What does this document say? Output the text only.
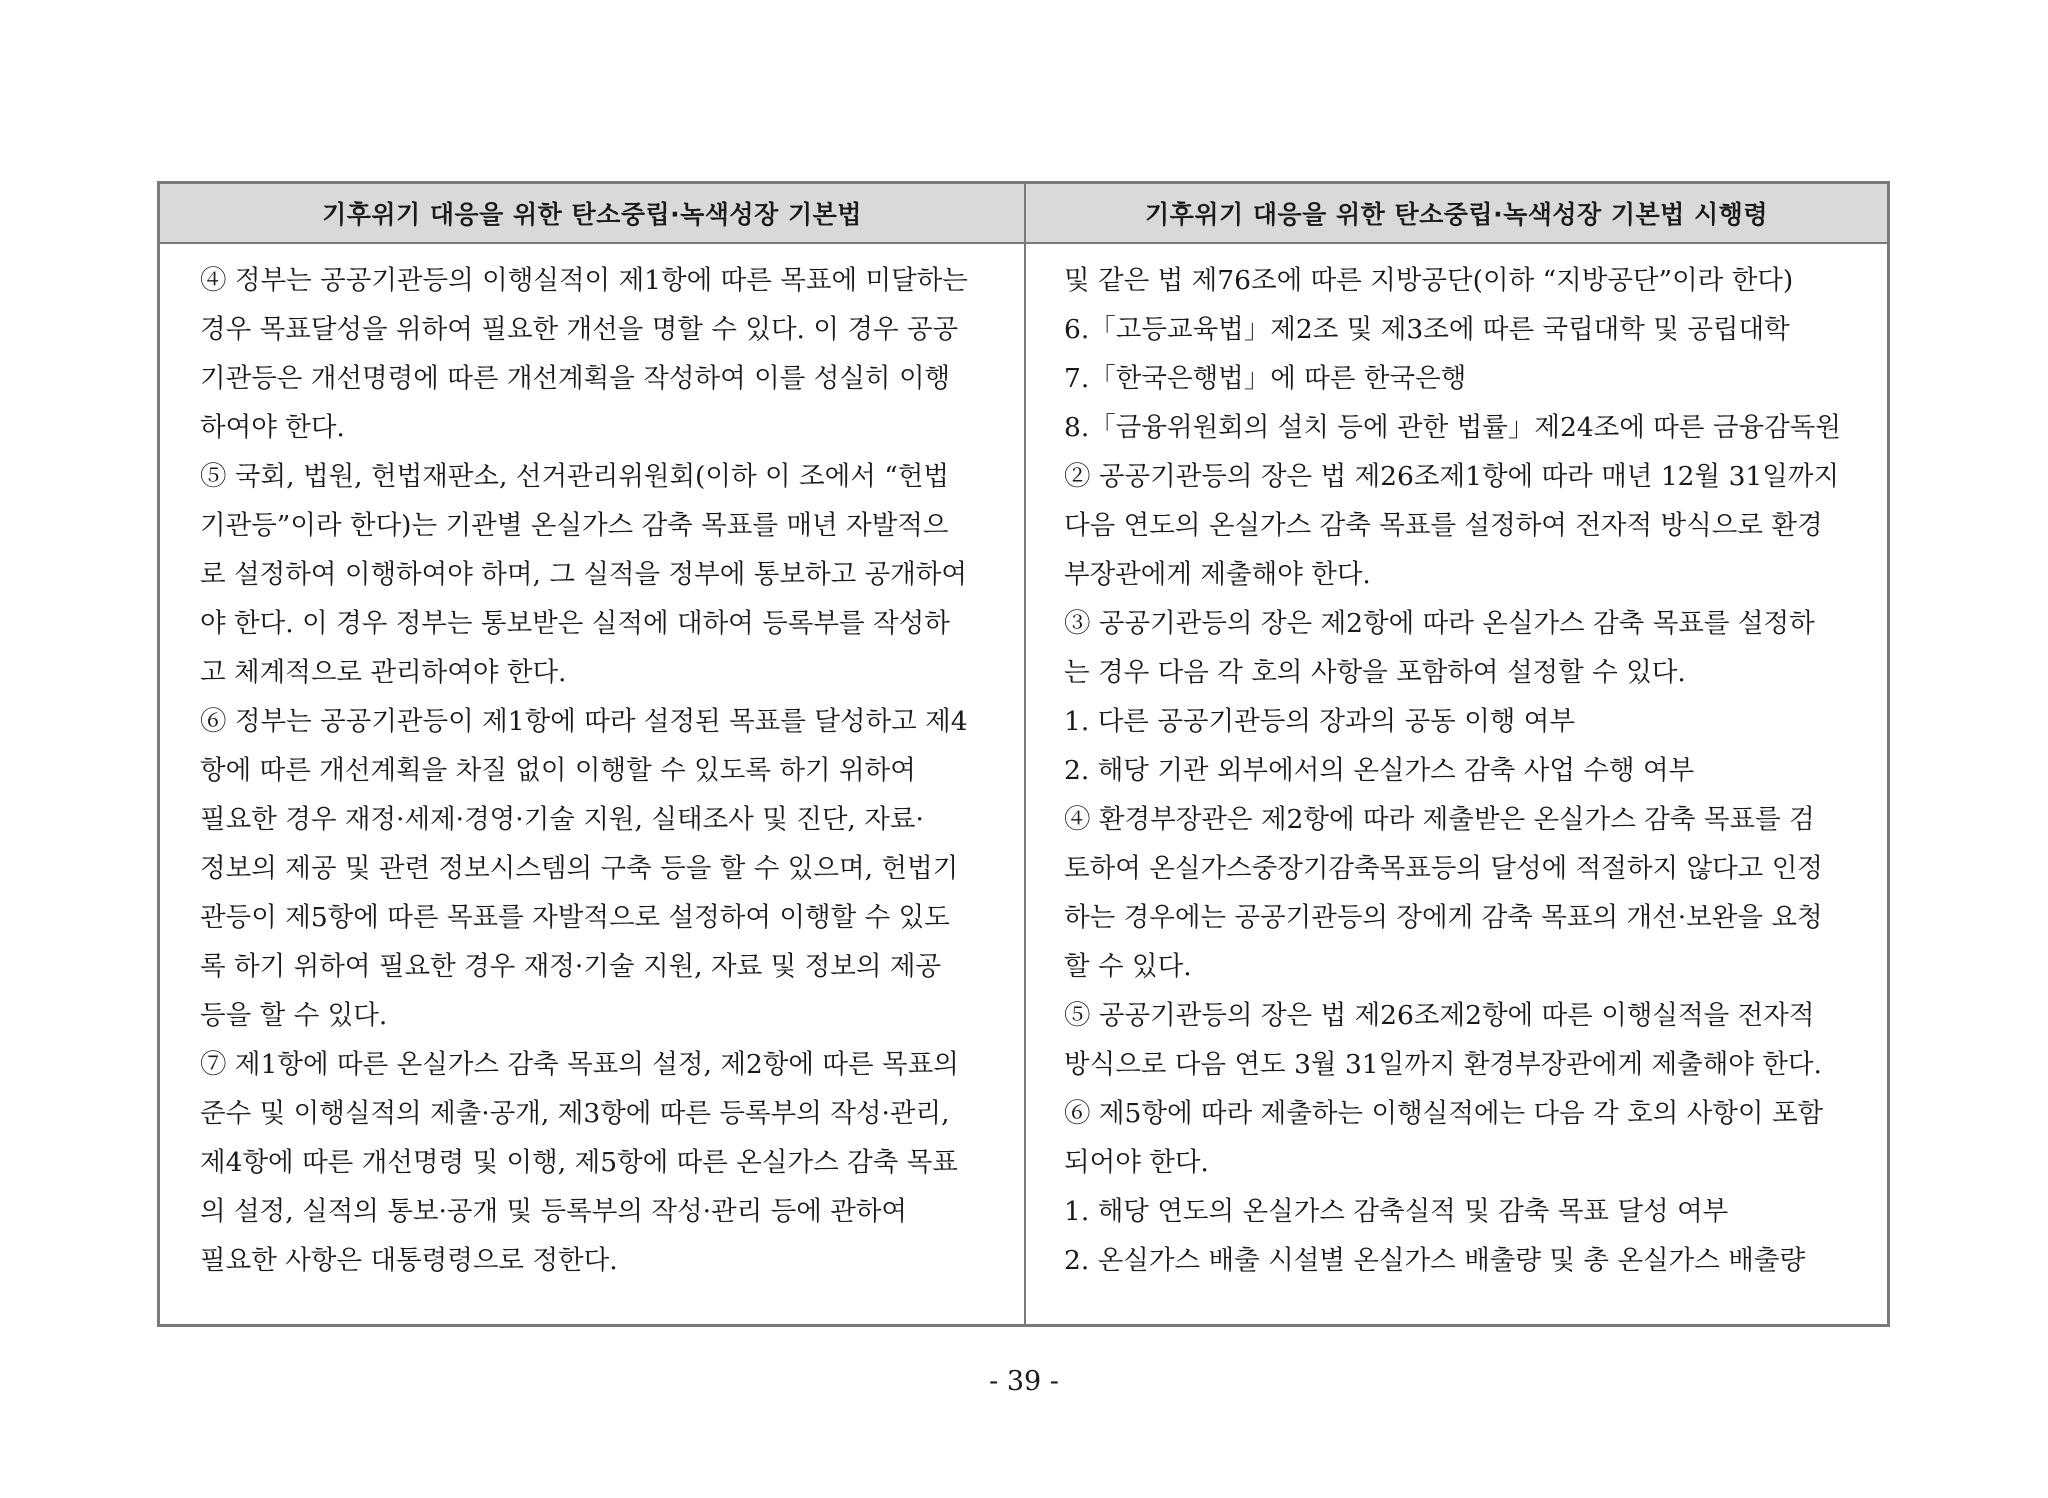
기후위기 대응을 위한 탄소중립·녹색성장 기본법	기후위기 대응을 위한 탄소중립·녹색성장 기본법 시행령
④ 정부는 공공기관등의 이행실적이 제1항에 따른 목표에 미달하는
경우 목표달성을 위하여 필요한 개선을 명할 수 있다. 이 경우 공공
기관등은 개선명령에 따른 개선계획을 작성하여 이를 성실히 이행
하여야 한다.
⑤ 국회, 법원, 헌법재판소, 선거관리위원회(이하 이 조에서 “헌법
기관등”이라 한다)는 기관별 온실가스 감축 목표를 매년 자발적으
로 설정하여 이행하여야 하며, 그 실적을 정부에 통보하고 공개하여
야 한다. 이 경우 정부는 통보받은 실적에 대하여 등록부를 작성하
고 체계적으로 관리하여야 한다.
⑥ 정부는 공공기관등이 제1항에 따라 설정된 목표를 달성하고 제4
항에 따른 개선계획을 차질 없이 이행할 수 있도록 하기 위하여
필요한 경우 재정·세제·경영·기술 지원, 실태조사 및 진단, 자료·
정보의 제공 및 관련 정보시스템의 구축 등을 할 수 있으며, 헌법기
관등이 제5항에 따른 목표를 자발적으로 설정하여 이행할 수 있도
록 하기 위하여 필요한 경우 재정·기술 지원, 자료 및 정보의 제공
등을 할 수 있다.
⑦ 제1항에 따른 온실가스 감축 목표의 설정, 제2항에 따른 목표의
준수 및 이행실적의 제출·공개, 제3항에 따른 등록부의 작성·관리,
제4항에 따른 개선명령 및 이행, 제5항에 따른 온실가스 감축 목표
의 설정, 실적의 통보·공개 및 등록부의 작성·관리 등에 관하여
필요한 사항은 대통령령으로 정한다.
및 같은 법 제76조에 따른 지방공단(이하 “지방공단”이라 한다)
6.「고등교육법」제2조 및 제3조에 따른 국립대학 및 공립대학
7.「한국은행법」에 따른 한국은행
8.「금융위원회의 설치 등에 관한 법률」제24조에 따른 금융감독원
② 공공기관등의 장은 법 제26조제1항에 따라 매년 12월 31일까지
다음 연도의 온실가스 감축 목표를 설정하여 전자적 방식으로 환경
부장관에게 제출해야 한다.
③ 공공기관등의 장은 제2항에 따라 온실가스 감축 목표를 설정하
는 경우 다음 각 호의 사항을 포함하여 설정할 수 있다.
1. 다른 공공기관등의 장과의 공동 이행 여부
2. 해당 기관 외부에서의 온실가스 감축 사업 수행 여부
④ 환경부장관은 제2항에 따라 제출받은 온실가스 감축 목표를 검
토하여 온실가스중장기감축목표등의 달성에 적절하지 않다고 인정
하는 경우에는 공공기관등의 장에게 감축 목표의 개선·보완을 요청
할 수 있다.
⑤ 공공기관등의 장은 법 제26조제2항에 따른 이행실적을 전자적
방식으로 다음 연도 3월 31일까지 환경부장관에게 제출해야 한다.
⑥ 제5항에 따라 제출하는 이행실적에는 다음 각 호의 사항이 포함
되어야 한다.
1. 해당 연도의 온실가스 감축실적 및 감축 목표 달성 여부
2. 온실가스 배출 시설별 온실가스 배출량 및 총 온실가스 배출량
- 39 -
